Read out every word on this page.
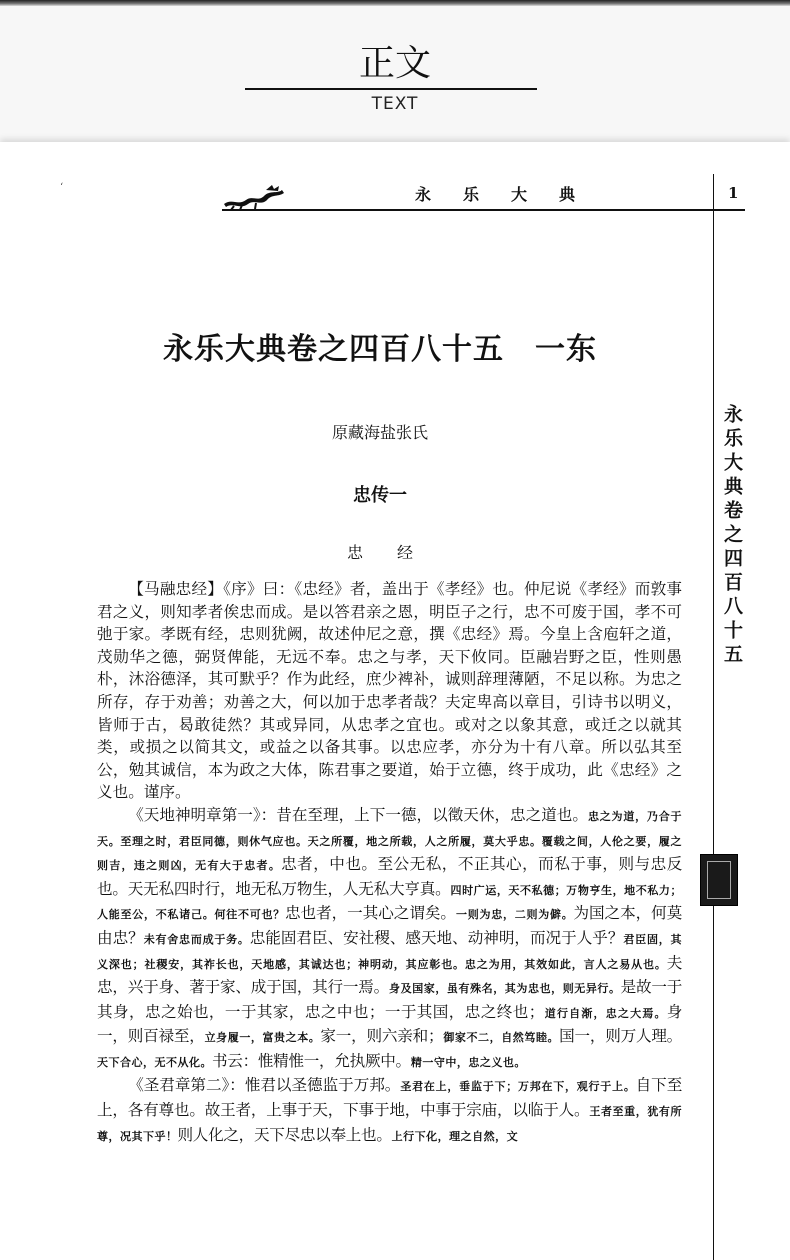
正文
TEXT
‘	永乐大典	1
永乐大典卷之四百八十五
永乐大典卷之四百八十五　一东
原藏海盐张氏
忠传一
忠经

【马融忠经】《序》曰：《忠经》者，盖出于《孝经》也。仲尼说《孝经》而敦事君之义，则知孝者俟忠而成。是以答君亲之恩，明臣子之行，忠不可废于国，孝不可弛于家。孝既有经，忠则犹阙，故述仲尼之意，撰《忠经》焉。今皇上含庖轩之道，茂勋华之德，弼贤俾能，无远不奉。忠之与孝，天下攸同。臣融岩野之臣，性则愚朴，沐浴德泽，其可默乎？作为此经，庶少裨补，诚则辞理薄陋，不足以称。为忠之所存，存于劝善；劝善之大，何以加于忠孝者哉？夫定卑高以章目，引诗书以明义，皆师于古，曷敢徒然？其或异同，从忠孝之宜也。或对之以象其意，或迁之以就其类，或损之以简其文，或益之以备其事。以忠应孝，亦分为十有八章。所以弘其至公，勉其诚信，本为政之大体，陈君事之要道，始于立德，终于成功，此《忠经》之义也。谨序。

《天地神明章第一》：昔在至理，上下一德，以徵天休，忠之道也。忠之为道，乃合于天。至理之时，君臣同德，则休气应也。天之所覆，地之所载，人之所履，莫大乎忠。覆载之间，人伦之要，履之则吉，违之则凶，无有大于忠者。忠者，中也。至公无私，不正其心，而私于事，则与忠反也。天无私四时行，地无私万物生，人无私大亨真。四时广运，天不私德；万物亨生，地不私力；人能至公，不私诸己。何往不可也？忠也者，一其心之谓矣。一则为忠，二则为僻。为国之本，何莫由忠？未有舍忠而成于务。忠能固君臣、安社稷、感天地、动神明，而况于人乎？君臣固，其义深也；社稷安，其祚长也，天地感，其诚达也；神明动，其应彰也。忠之为用，其效如此，言人之易从也。夫忠，兴于身、著于家、成于国，其行一焉。身及国家，虽有殊名，其为忠也，则无异行。是故一于其身，忠之始也，一于其家，忠之中也；一于其国，忠之终也；道行自渐，忠之大焉。身一，则百禄至，立身履一，富贵之本。家一，则六亲和；御家不二，自然笃睦。国一，则万人理。天下合心，无不从化。书云：惟精惟一，允执厥中。精一守中，忠之义也。

《圣君章第二》：惟君以圣德监于万邦。圣君在上，垂监于下；万邦在下，观行于上。自下至上，各有尊也。故王者，上事于天，下事于地，中事于宗庙，以临于人。王者至重，犹有所尊，况其下乎！则人化之，天下尽忠以奉上也。上行下化，理之自然，文
